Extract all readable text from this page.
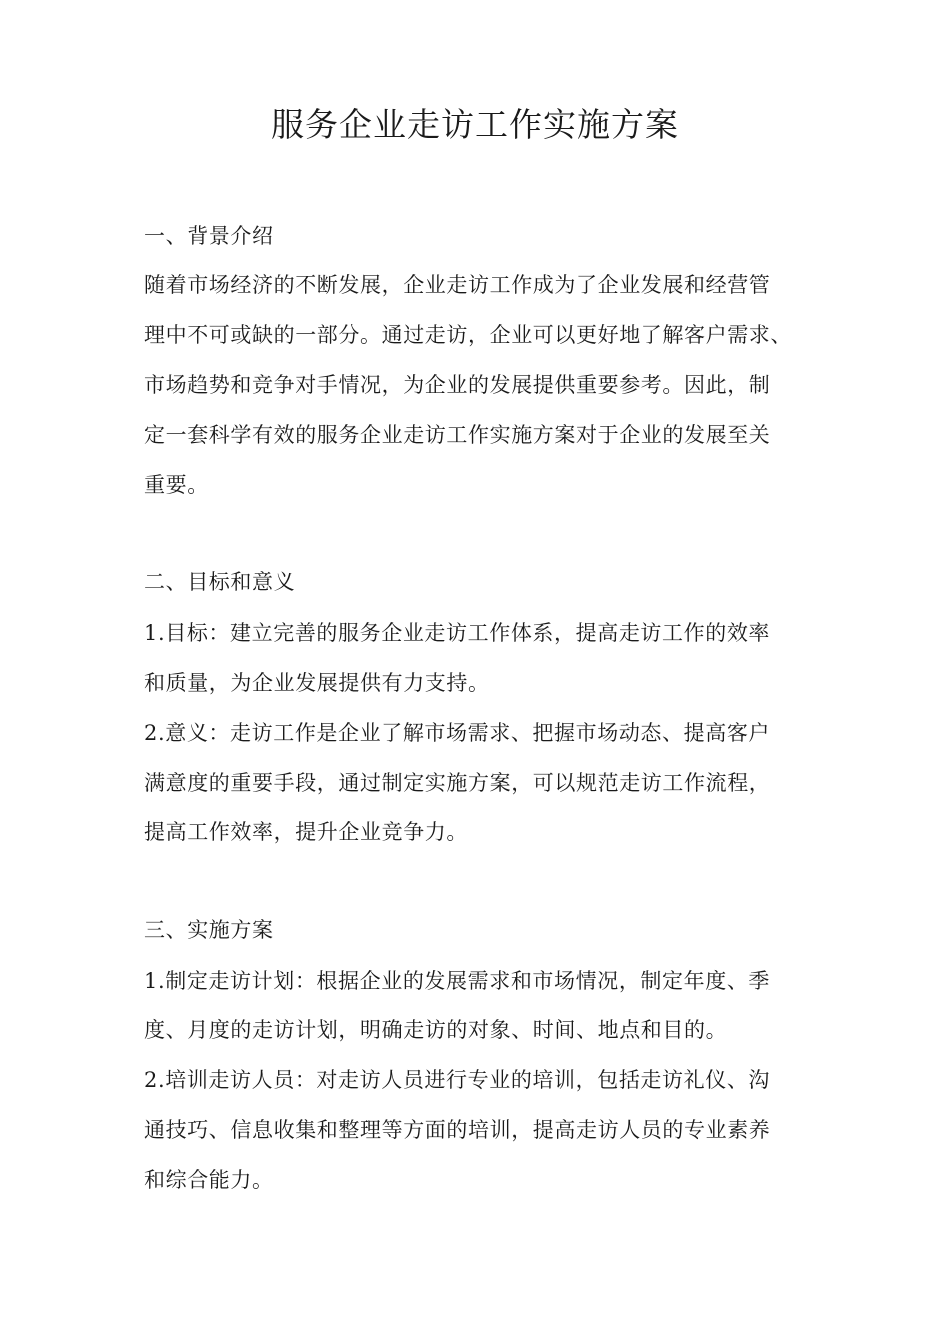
服务企业走访工作实施方案
一、背景介绍
随着市场经济的不断发展，企业走访工作成为了企业发展和经营管
理中不可或缺的一部分。通过走访，企业可以更好地了解客户需求、
市场趋势和竞争对手情况，为企业的发展提供重要参考。因此，制
定一套科学有效的服务企业走访工作实施方案对于企业的发展至关
重要。
二、目标和意义
1.目标：建立完善的服务企业走访工作体系，提高走访工作的效率
和质量，为企业发展提供有力支持。
2.意义：走访工作是企业了解市场需求、把握市场动态、提高客户
满意度的重要手段，通过制定实施方案，可以规范走访工作流程，
提高工作效率，提升企业竞争力。
三、实施方案
1.制定走访计划：根据企业的发展需求和市场情况，制定年度、季
度、月度的走访计划，明确走访的对象、时间、地点和目的。
2.培训走访人员：对走访人员进行专业的培训，包括走访礼仪、沟
通技巧、信息收集和整理等方面的培训，提高走访人员的专业素养
和综合能力。
